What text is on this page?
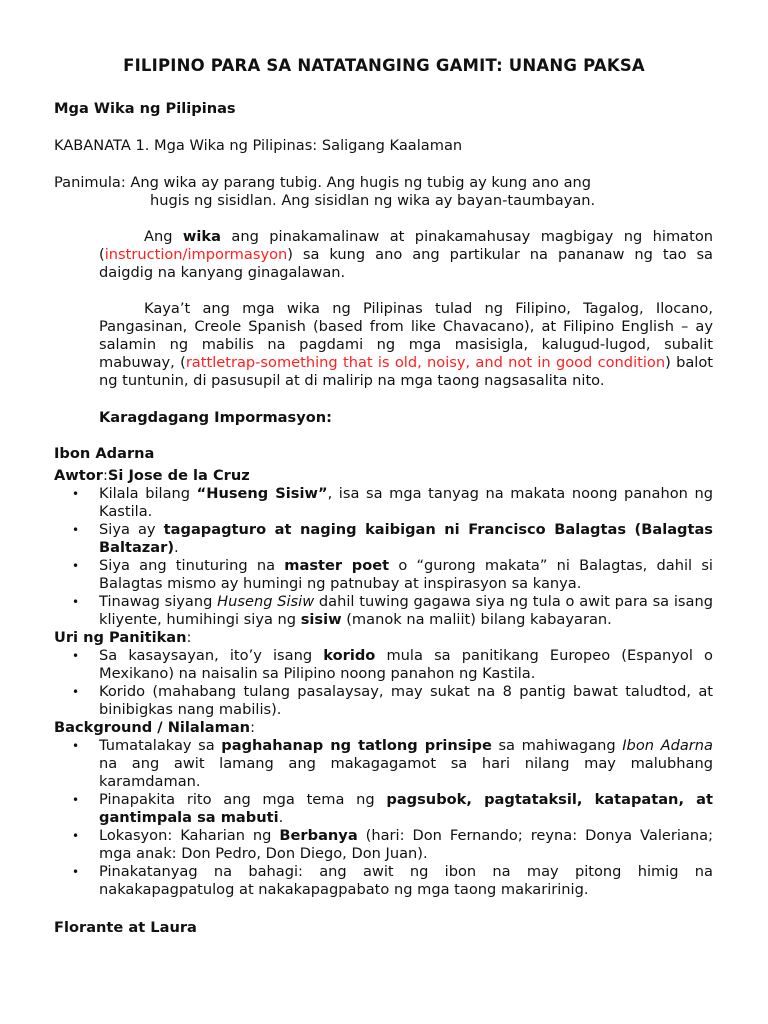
FILIPINO PARA SA NATATANGING GAMIT: UNANG PAKSA
Mga Wika ng Pilipinas
KABANATA 1. Mga Wika ng Pilipinas: Saligang Kaalaman
Panimula: Ang wika ay parang tubig. Ang hugis ng tubig ay kung ano ang
hugis ng sisidlan. Ang sisidlan ng wika ay bayan-taumbayan.

Ang wika ang pinakamalinaw at pinakamahusay magbigay ng himaton (instruction/impormasyon) sa kung ano ang partikular na pananaw ng tao sa daigdig na kanyang ginagalawan.

Kaya’t ang mga wika ng Pilipinas tulad ng Filipino, Tagalog, Ilocano, Pangasinan, Creole Spanish (based from like Chavacano), at Filipino English – ay salamin ng mabilis na pagdami ng mga masisigla, kalugud-lugod, subalit mabuway, (rattletrap-something that is old, noisy, and not in good condition) balot ng tuntunin, di pasusupil at di malirip na mga taong nagsasalita nito.

Karagdagang Impormasyon:
Ibon Adarna
Awtor:Si Jose de la Cruz
• Kilala bilang “Huseng Sisiw”, isa sa mga tanyag na makata noong panahon ng Kastila.
• Siya ay tagapagturo at naging kaibigan ni Francisco Balagtas (Balagtas Baltazar).
• Siya ang tinuturing na master poet o “gurong makata” ni Balagtas, dahil si Balagtas mismo ay humingi ng patnubay at inspirasyon sa kanya.
• Tinawag siyang Huseng Sisiw dahil tuwing gagawa siya ng tula o awit para sa isang kliyente, humihingi siya ng sisiw (manok na maliit) bilang kabayaran.
Uri ng Panitikan:
• Sa kasaysayan, ito’y isang korido mula sa panitikang Europeo (Espanyol o Mexikano) na naisalin sa Pilipino noong panahon ng Kastila.
• Korido (mahabang tulang pasalaysay, may sukat na 8 pantig bawat taludtod, at binibigkas nang mabilis).
Background / Nilalaman:
• Tumatalakay sa paghahanap ng tatlong prinsipe sa mahiwagang Ibon Adarna na ang awit lamang ang makagagamot sa hari nilang may malubhang karamdaman.
• Pinapakita rito ang mga tema ng pagsubok, pagtataksil, katapatan, at gantimpala sa mabuti.
• Lokasyon: Kaharian ng Berbanya (hari: Don Fernando; reyna: Donya Valeriana; mga anak: Don Pedro, Don Diego, Don Juan).
• Pinakatanyag na bahagi: ang awit ng ibon na may pitong himig na nakakapagpatulog at nakakapagpabato ng mga taong makaririnig.
Florante at Laura
